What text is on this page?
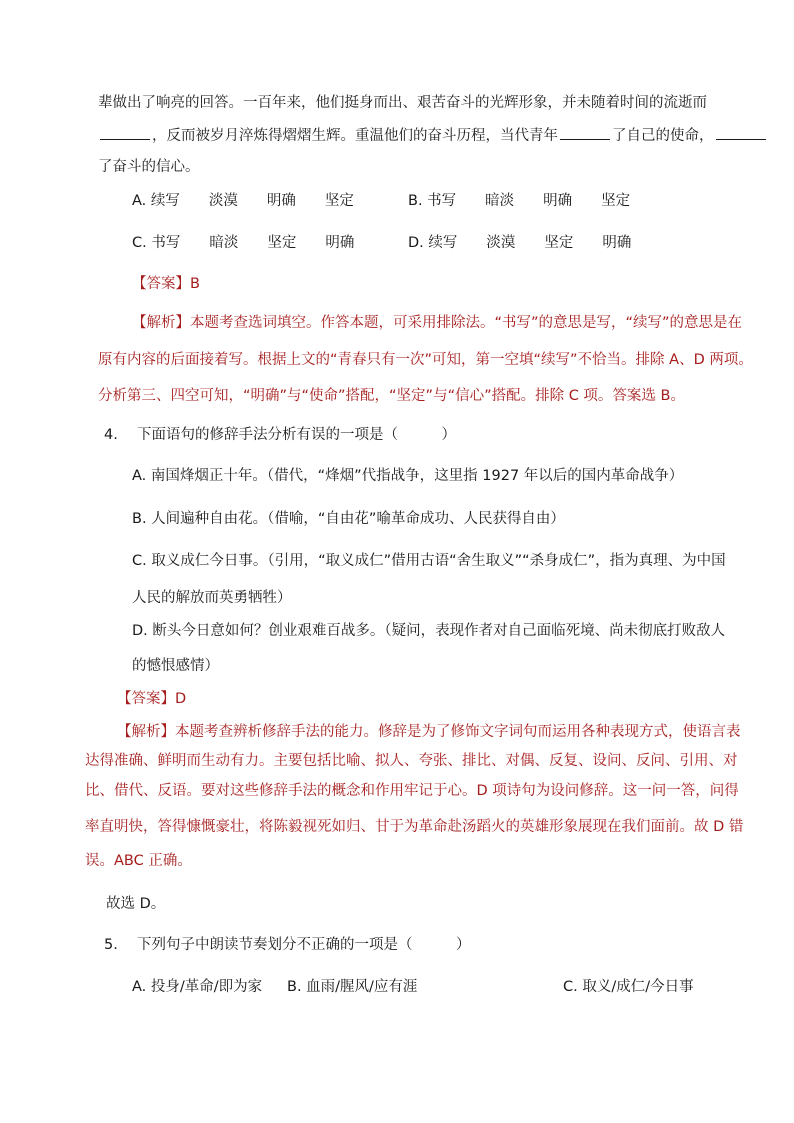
辈做出了响亮的回答。一百年来，他们挺身而出、艰苦奋斗的光辉形象，并未随着时间的流逝而
，反而被岁月淬炼得熠熠生辉。重温他们的奋斗历程，当代青年	了自己的使命，
了奋斗的信心。
A. 续写　　淡漠　　明确　　坚定	B. 书写　　暗淡　　明确　　坚定
C. 书写　　暗淡　　坚定　　明确	D. 续写　　淡漠　　坚定　　明确
【答案】B
【解析】本题考查选词填空。作答本题，可采用排除法。“书写”的意思是写，“续写”的意思是在
原有内容的后面接着写。根据上文的“青春只有一次”可知，第一空填“续写”不恰当。排除 A、D 两项。
分析第三、四空可知，“明确”与“使命”搭配，“坚定”与“信心”搭配。排除 C 项。答案选 B。
4.　 下面语句的修辞手法分析有误的一项是（　　　）
A. 南国烽烟正十年。（借代，“烽烟”代指战争，这里指 1927 年以后的国内革命战争）
B. 人间遍种自由花。（借喻，“自由花”喻革命成功、人民获得自由）
C. 取义成仁今日事。（引用，“取义成仁”借用古语“舍生取义”“杀身成仁”，指为真理、为中国
人民的解放而英勇牺牲）
D. 断头今日意如何？创业艰难百战多。（疑问，表现作者对自己面临死境、尚未彻底打败敌人
的憾恨感情）
【答案】D
【解析】本题考查辨析修辞手法的能力。修辞是为了修饰文字词句而运用各种表现方式，使语言表
达得准确、鲜明而生动有力。主要包括比喻、拟人、夸张、排比、对偶、反复、设问、反问、引用、对
比、借代、反语。要对这些修辞手法的概念和作用牢记于心。D 项诗句为设问修辞。这一问一答，问得
率直明快，答得慷慨豪壮，将陈毅视死如归、甘于为革命赴汤蹈火的英雄形象展现在我们面前。故 D 错
误。ABC 正确。
故选 D。
5.　 下列句子中朗读节奏划分不正确的一项是（　　　）
A. 投身/革命/即为家 B. 血雨/腥风/应有涯	C. 取义/成仁/今日事
